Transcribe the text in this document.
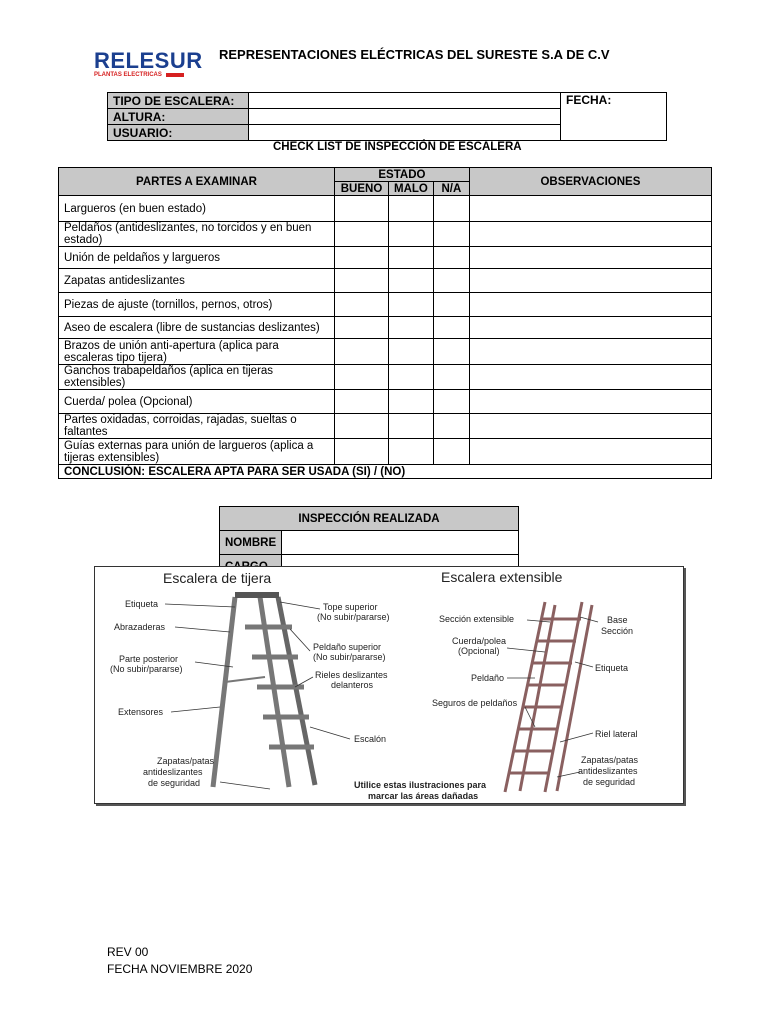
RELESUR
PLANTAS ELECTRICAS
REPRESENTACIONES ELÉCTRICAS DEL SURESTE S.A DE C.V
TIPO DE ESCALERA:		FECHA:
ALTURA:		
USUARIO:		
CHECK LIST DE INSPECCIÓN DE ESCALERA
PARTES A EXAMINAR	ESTADO			OBSERVACIONES
	BUENO	MALO	N/A	
Largueros (en buen estado)				
Peldaños (antideslizantes, no torcidos y en buen estado)				
Unión de peldaños y largueros				
Zapatas antideslizantes				
Piezas de ajuste (tornillos, pernos, otros)				
Aseo de escalera (libre de sustancias deslizantes)				
Brazos de unión anti-apertura (aplica para escaleras tipo tijera)				
Ganchos trabapeldaños (aplica en tijeras extensibles)				
Cuerda/ polea (Opcional)				
Partes oxidadas, corroidas, rajadas, sueltas o faltantes				
Guías externas para unión de largueros (aplica a tijeras extensibles)				
CONCLUSIÓN: ESCALERA APTA PARA SER USADA (SI) / (NO)				
INSPECCIÓN REALIZADA	
NOMBRE	

Escalera de tijera	Escalera extensible
Etiqueta
Abrazaderas
Parte posterior
(No subir/pararse)
Extensores
Zapatas/patas
antideslizantes
de seguridad
Tope superior
(No subir/pararse)
Peldaño superior
(No subir/pararse)
Rieles deslizantes
delanteros
Escalón
Sección extensible
Cuerda/polea
(Opcional)
Peldaño
Seguros de peldaños
Base
Sección
Etiqueta
Riel lateral
Zapatas/patas
antideslizantes
de seguridad
Utilice estas ilustraciones para
marcar las áreas dañadas
REV 00
FECHA NOVIEMBRE 2020
